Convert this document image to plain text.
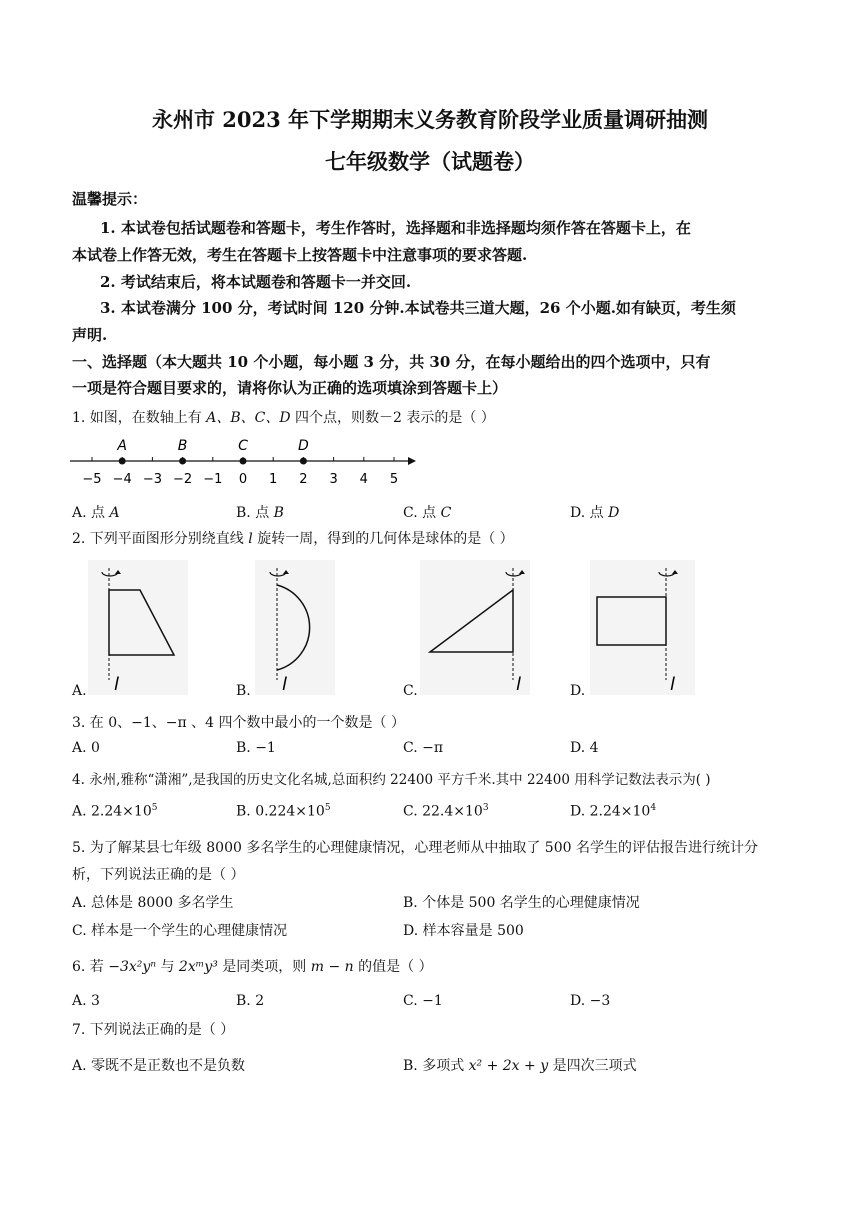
永州市 2023 年下学期期末义务教育阶段学业质量调研抽测
七年级数学（试题卷）
温馨提示：
1. 本试卷包括试题卷和答题卡，考生作答时，选择题和非选择题均须作答在答题卡上，在
本试卷上作答无效，考生在答题卡上按答题卡中注意事项的要求答题.
2. 考试结束后，将本试题卷和答题卡一并交回.
3. 本试卷满分 100 分，考试时间 120 分钟.本试卷共三道大题，26 个小题.如有缺页，考生须
声明.
一、选择题（本大题共 10 个小题，每小题 3 分，共 30 分，在每小题给出的四个选项中，只有
一项是符合题目要求的，请将你认为正确的选项填涂到答题卡上）
1. 如图，在数轴上有 A、B、C、D 四个点，则数－2 表示的是（ ）
−5 −4 −3 −2 −1 0 1 2 3 4 5
A	B	C	D
A. 点 A	B. 点 B	C. 点 C	D. 点 D
2. 下列平面图形分别绕直线 l 旋转一周，得到的几何体是球体的是（ ）
l
A.	l
B.	l
C.	l
D.
3. 在 0、−1、−π 、4 四个数中最小的一个数是（ ）
A. 0	B. −1	C. −π	D. 4
4. 永州,雅称“潇湘”,是我国的历史文化名城,总面积约 22400 平方千米.其中 22400 用科学记数法表示为( )
A. $2.24\times 10^5$	B. $0.224\times 10^5$	C. $22.4\times 10^3$	D. $2.24\times 10^4$
5. 为了解某县七年级 8000 多名学生的心理健康情况，心理老师从中抽取了 500 名学生的评估报告进行统计分
析，下列说法正确的是（ ）
A. 总体是 8000 多名学生	B. 个体是 500 名学生的心理健康情况
C. 样本是一个学生的心理健康情况	D. 样本容量是 500
6. 若 −3x²yⁿ 与 2xᵐy³ 是同类项，则 m − n 的值是（ ）
A. 3	B. 2	C. −1	D. −3
7. 下列说法正确的是（ ）
A. 零既不是正数也不是负数	B. 多项式 x² + 2x + y 是四次三项式
